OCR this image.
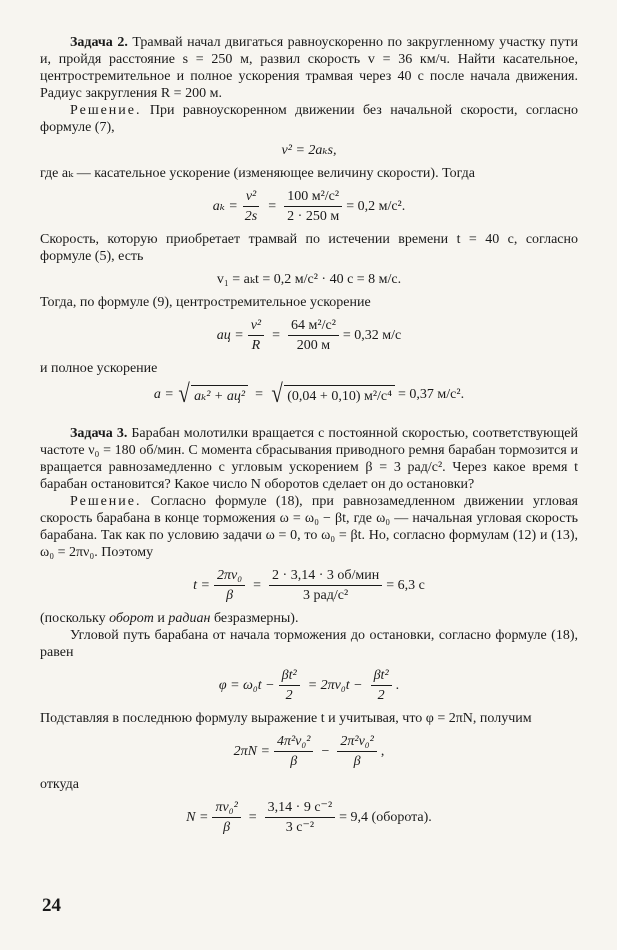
Задача 2. Трамвай начал двигаться равноускоренно по закругленному участку пути и, пройдя расстояние s = 250 м, развил скорость v = 36 км/ч. Найти касательное, центростремительное и полное ускорения трамвая через 40 с после начала движения. Радиус закругления R = 200 м.

Решение. При равноускоренном движении без начальной скорости, согласно формуле (7),

v² = 2aₖs,

где aₖ — касательное ускорение (изменяющее величину скорости). Тогда

$a_k = \frac{\text{v²}}{2s} = \frac{\text{100 м²/с²}}{2 \cdot 250 м} = 0,2$ м/с².

Скорость, которую приобретает трамвай по истечении времени t = 40 с, согласно формуле (5), есть

v₁ = aₖt = 0,2 м/с² · 40 с = 8 м/с.

Тогда, по формуле (9), центростремительное ускорение

aц = $\frac{\text{v²}}{R} = \frac{\text{64 м²/с²}}{200 м} = 0,32$ м/с

и полное ускорение

a = √ aₖ² + aц² = √ (0,04 + 0,10) м²/с⁴ = 0,37 м/с².

Задача 3. Барабан молотилки вращается с постоянной скоростью, соответствующей частоте ν₀ = 180 об/мин. С момента сбрасывания приводного ремня барабан тормозится и вращается равнозамедленно с угловым ускорением β = 3 рад/с². Через какое время t барабан остановится? Какое число N оборотов сделает он до остановки?

Решение. Согласно формуле (18), при равнозамедленном движении угловая скорость барабана в конце торможения ω = ω₀ − βt, где ω₀ — начальная угловая скорость барабана. Так как по условию задачи ω = 0, то ω₀ = βt. Но, согласно формулам (12) и (13), ω₀ = 2πν₀. Поэтому

$t = \frac{\text{2πν₀}}{\beta} = \frac{\text{2 · 3,14 · 3 об/мин}}{\text{3 рад/с²}} = 6,3$ с

(поскольку оборот и радиан безразмерны).

Угловой путь барабана от начала торможения до остановки, согласно формуле (18), равен

$\varphi = \omega_0t - \frac{\text{βt²}}{2} = 2\pi\nu_0t - \frac{\text{βt²}}{2}$ .

Подставляя в последнюю формулу выражение t и учитывая, что φ = 2πN, получим

$2\pi N = \frac{\text{4π²ν₀²}}{\beta} - \frac{\text{2π²ν₀²}}{\beta}$ ,

откуда

$N = \frac{\text{πν₀²}}{\beta} = \frac{\text{3,14 · 9 с⁻²}}{\text{3 с⁻²}} = 9,4$ (оборота).
24
